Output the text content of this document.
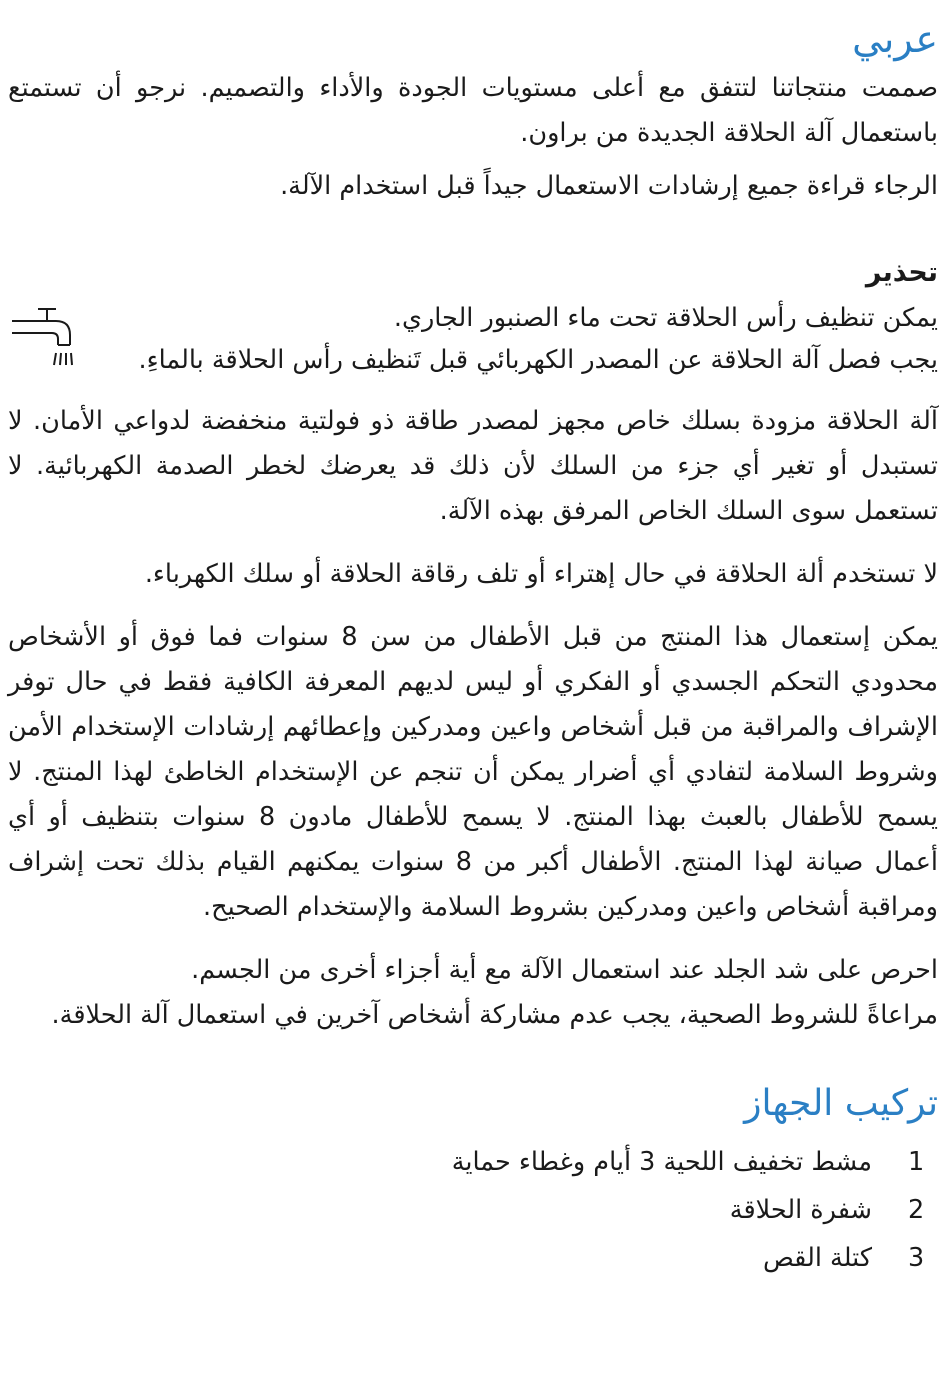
عربي

صممت منتجاتنا لتتفق مع أعلى مستويات الجودة والأداء والتصميم. نرجو أن تستمتع باستعمال آلة الحلاقة الجديدة من براون.

الرجاء قراءة جميع إرشادات الاستعمال جيداً قبل استخدام الآلة.

تحذير

يمكن تنظيف رأس الحلاقة تحت ماء الصنبور الجاري.

يجب فصل آلة الحلاقة عن المصدر الكهربائي قبل تَنظيف رأس الحلاقة بالماءِ.

آلة الحلاقة مزودة بسلك خاص مجهز لمصدر طاقة ذو فولتية منخفضة لدواعي الأمان. لا تستبدل أو تغير أي جزء من السلك لأن ذلك قد يعرضك لخطر الصدمة الكهربائية. لا تستعمل سوى السلك الخاص المرفق بهذه الآلة.

لا تستخدم ألة الحلاقة في حال إهتراء أو تلف رقاقة الحلاقة أو سلك الكهرباء.

يمكن إستعمال هذا المنتج من قبل الأطفال من سن 8 سنوات فما فوق أو الأشخاص محدودي التحكم الجسدي أو الفكري أو ليس لديهم المعرفة الكافية فقط في حال توفر الإشراف والمراقبة من قبل أشخاص واعين ومدركين وإعطائهم إرشادات الإستخدام الأمن وشروط السلامة لتفادي أي أضرار يمكن أن تنجم عن الإستخدام الخاطئ لهذا المنتج. لا يسمح للأطفال بالعبث بهذا المنتج. لا يسمح للأطفال مادون 8 سنوات بتنظيف أو أي أعمال صيانة لهذا المنتج. الأطفال أكبر من 8 سنوات يمكنهم القيام بذلك تحت إشراف ومراقبة أشخاص واعين ومدركين بشروط السلامة والإستخدام الصحيح.

احرص على شد الجلد عند استعمال الآلة مع أية أجزاء أخرى من الجسم.

مراعاةً للشروط الصحية، يجب عدم مشاركة أشخاص آخرين في استعمال آلة الحلاقة.

تركيب الجهاز
1
مشط تخفيف اللحية 3 أيام وغطاء حماية
2
شفرة الحلاقة
3
كتلة القص
